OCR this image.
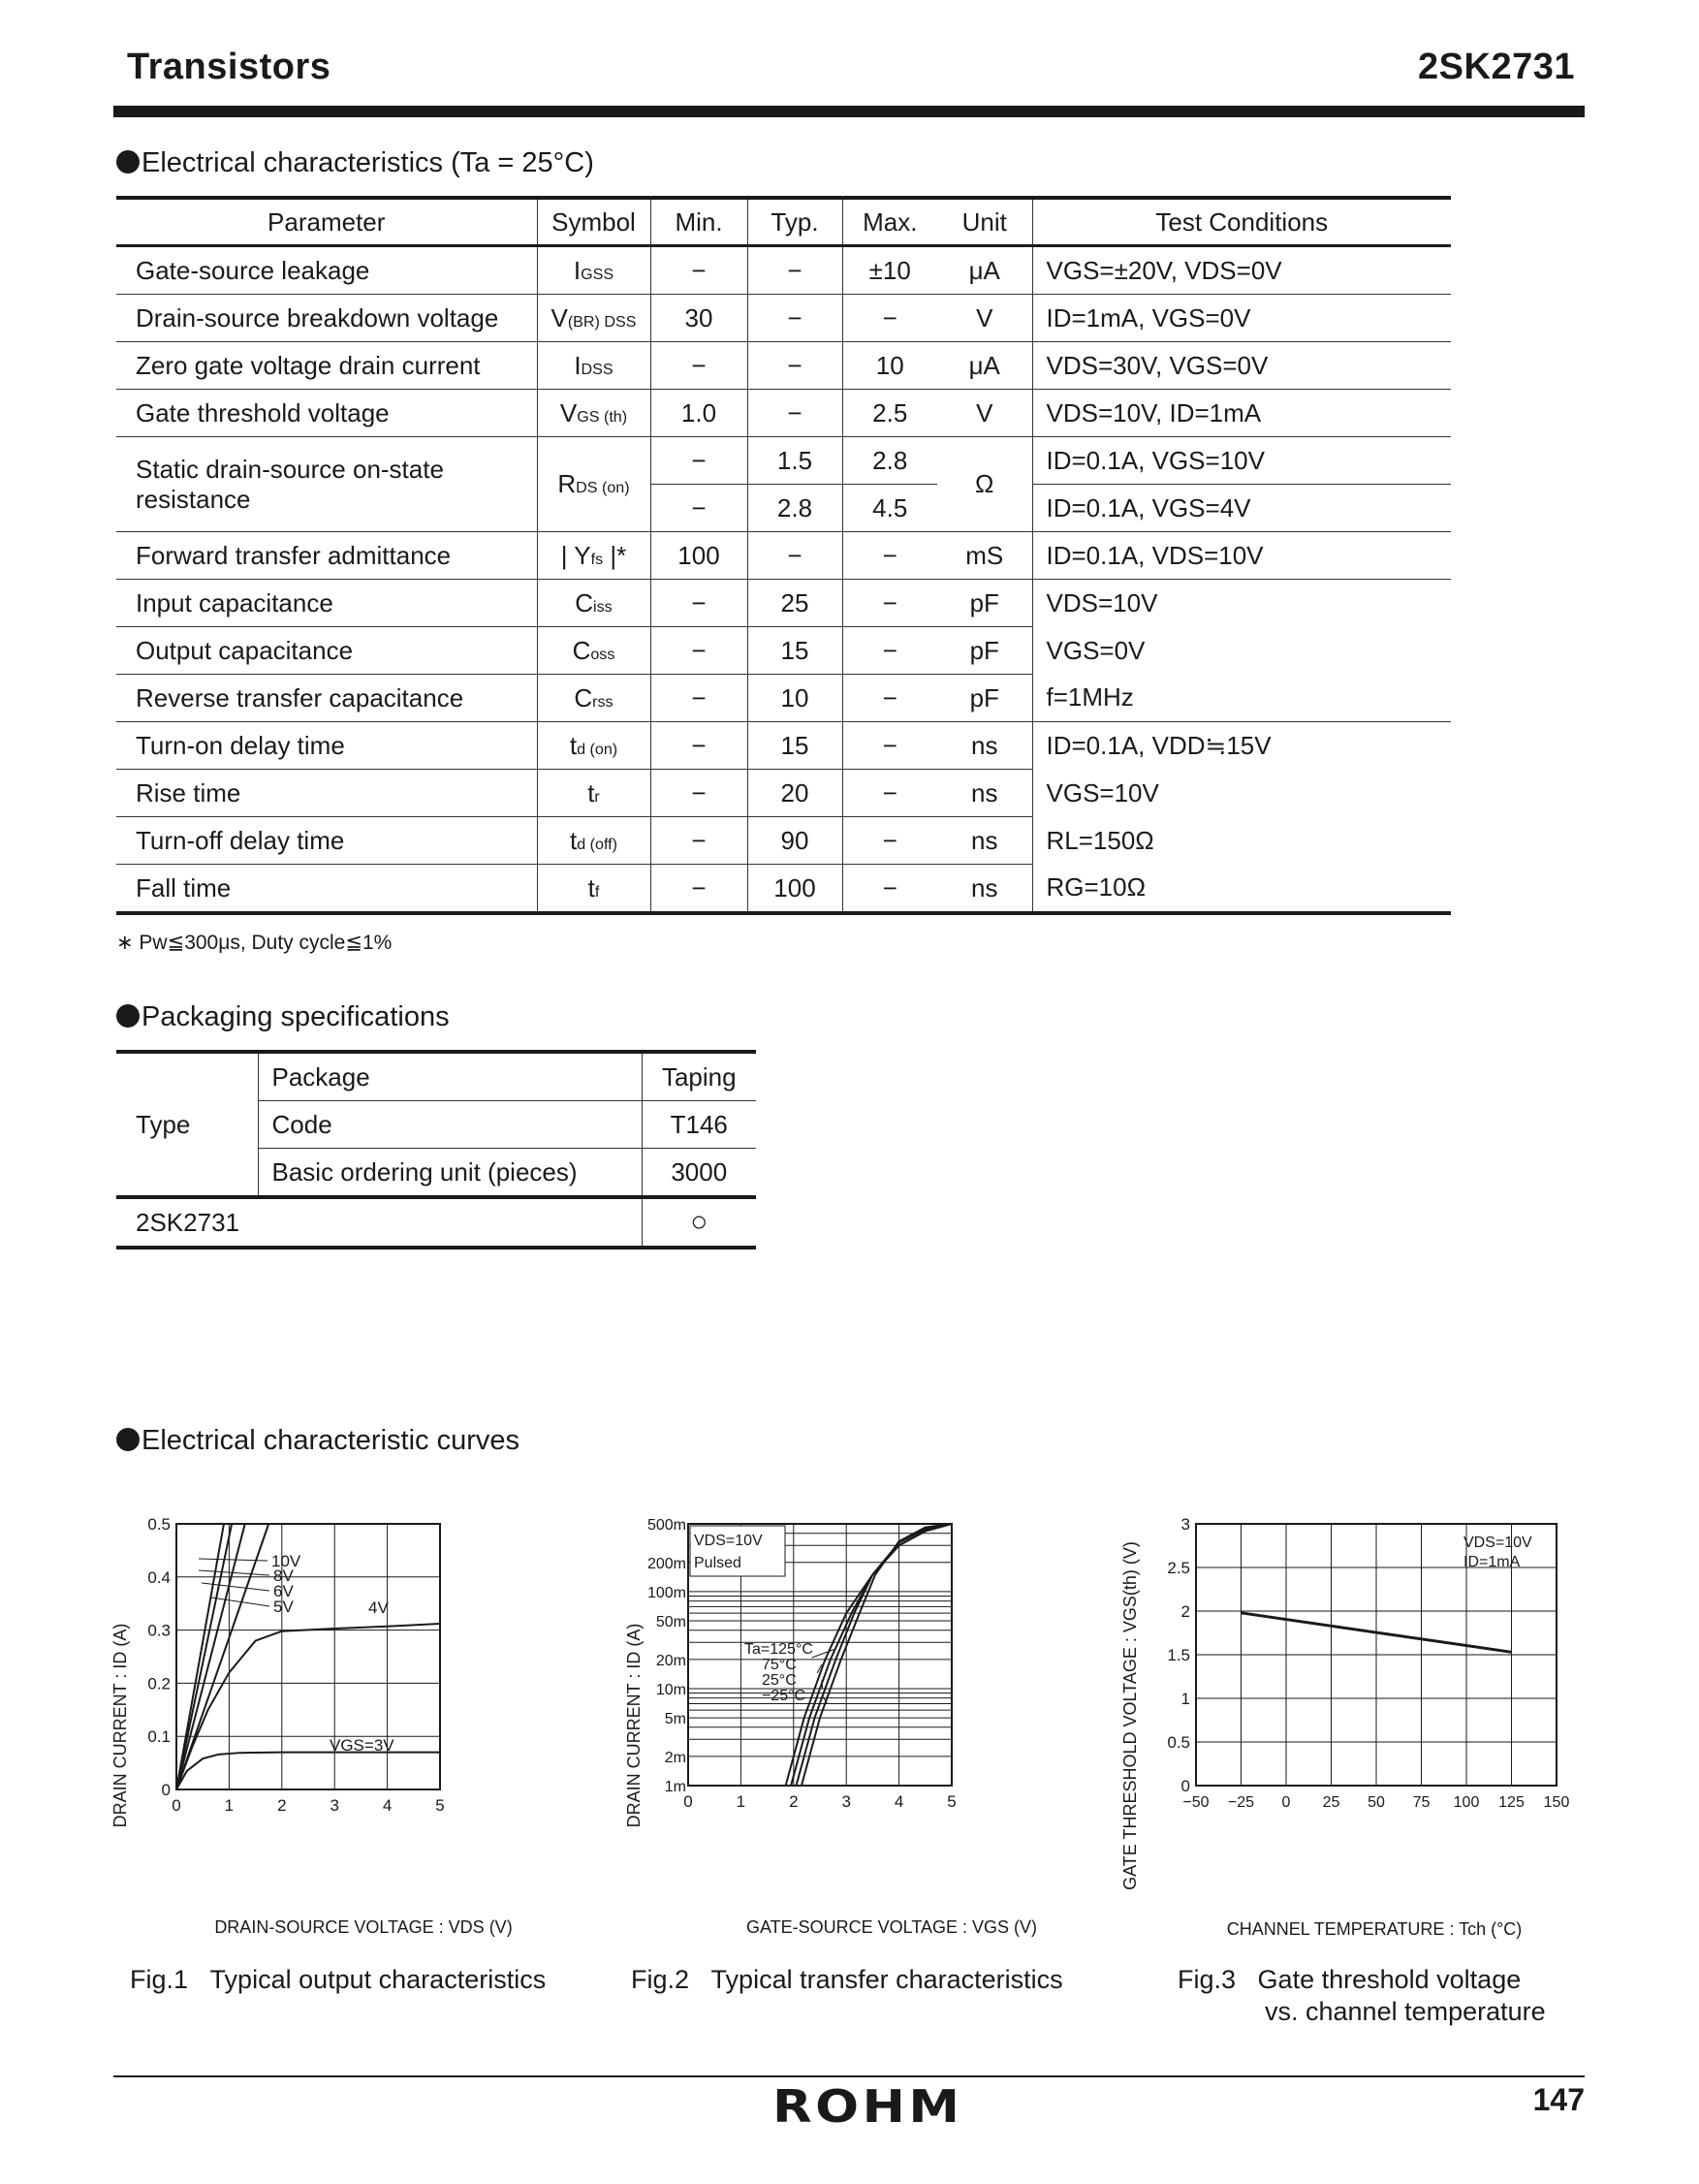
Transistors	2SK2731
Electrical characteristics (Ta = 25°C)
Parameter	Symbol	Min.	Typ.	Max.	Unit	Test Conditions
Gate-source leakage	IGSS	−	−	±10	μA	VGS=±20V, VDS=0V
Drain-source breakdown voltage	V(BR) DSS	30	−	−	V	ID=1mA, VGS=0V
Zero gate voltage drain current	IDSS	−	−	10	μA	VDS=30V, VGS=0V
Gate threshold voltage	VGS (th)	1.0	−	2.5	V	VDS=10V, ID=1mA
Static drain-source on-state resistance	RDS (on)	−	1.5	2.8	Ω	ID=0.1A, VGS=10V
		−	2.8	4.5		ID=0.1A, VGS=4V
Forward transfer admittance	| Yfs |*	100	−	−	mS	ID=0.1A, VDS=10V
Input capacitance	Ciss	−	25	−	pF	VDS=10V
Output capacitance	Coss	−	15	−	pF	VGS=0V
Reverse transfer capacitance	Crss	−	10	−	pF	f=1MHz
Turn-on delay time	td (on)	−	15	−	ns	ID=0.1A, VDD≒15V
Rise time	tr	−	20	−	ns	VGS=10V
Turn-off delay time	td (off)	−	90	−	ns	RL=150Ω
Fall time	tf	−	100	−	ns	RG=10Ω
∗ Pw≦300μs, Duty cycle≦1%
Packaging specifications
Type	Package	Taping
	Code	T146
	Basic ordering unit (pieces)	3000
2SK2731		○
Electrical characteristic curves
0	1	2	3	4	5
0
0.1
0.2
0.3
0.4
0.5
10V
8V
6V
5V	4V
VGS=3V
DRAIN CURRENT : ID (A)
DRAIN-SOURCE VOLTAGE : VDS (V)
Fig.1 Typical output characteristics
1m
2m
5m
10m
20m
50m
100m
200m
500m
0	1	2	3	4	5
VDS=10V
Pulsed
Ta=125°C
75°C
25°C
−25°C
DRAIN CURRENT : ID (A)
GATE-SOURCE VOLTAGE : VGS (V)
Fig.2 Typical transfer characteristics
−50 −25 0 25 50 75 100 125 150
0
0.5
1
1.5
2
2.5
3
VDS=10V
ID=1mA
GATE THRESHOLD VOLTAGE : VGS(th) (V)
CHANNEL TEMPERATURE : Tch (°C)
Fig.3 Gate threshold voltage
vs. channel temperature
ROHM	147
